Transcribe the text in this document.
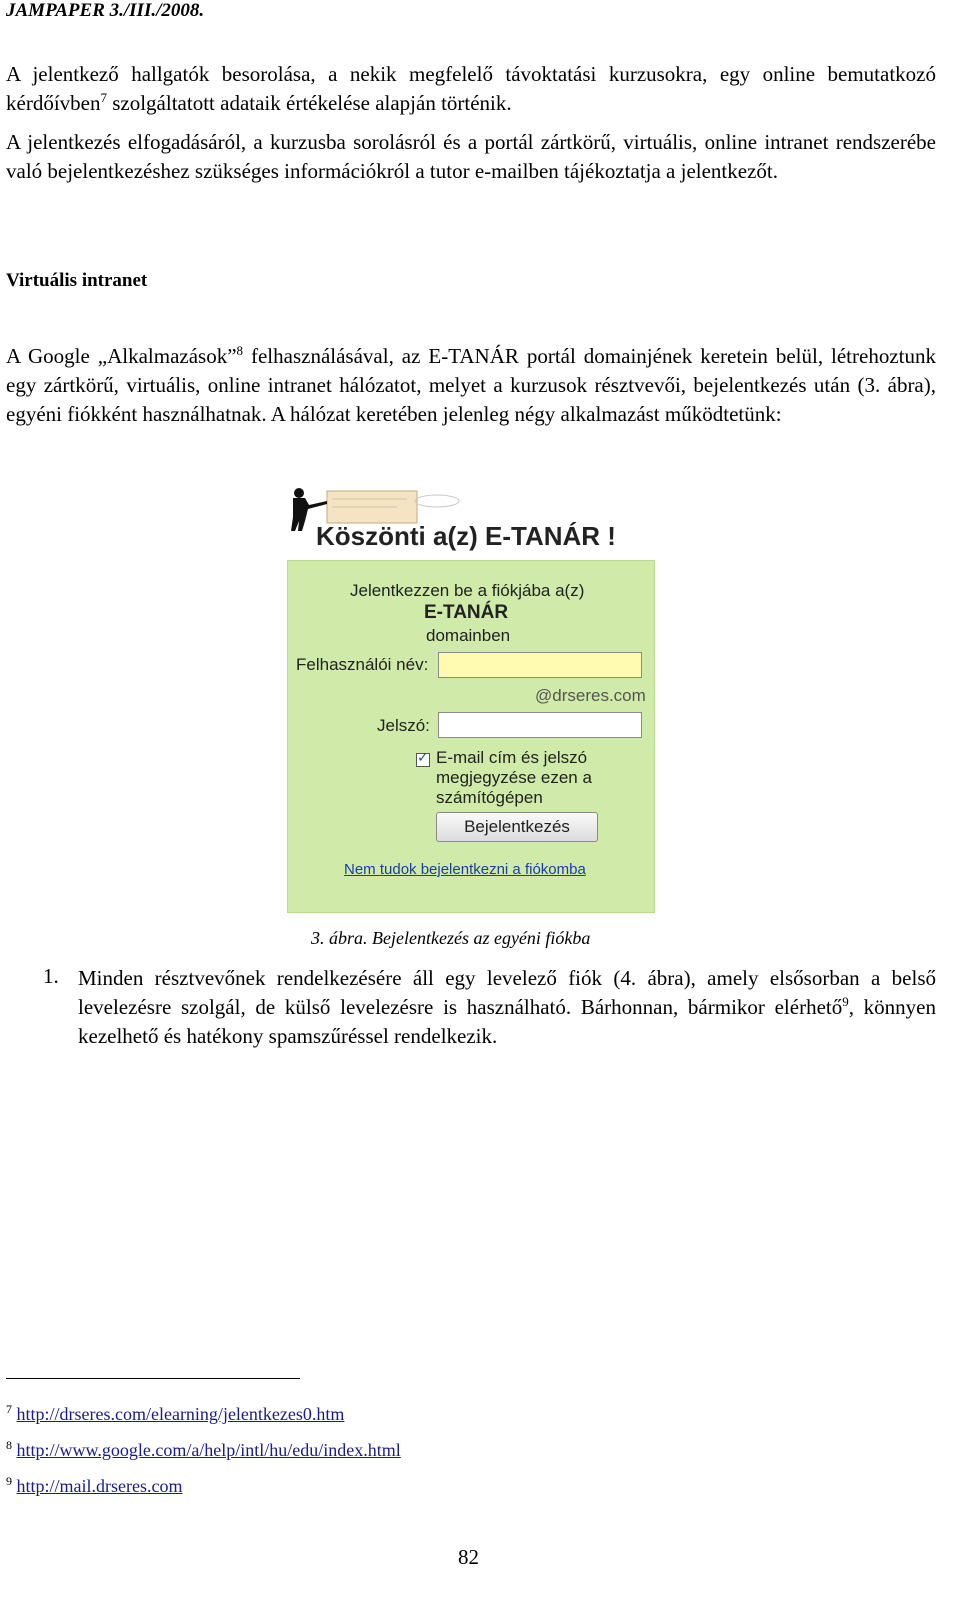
JAMPAPER 3./III./2008.
A jelentkező hallgatók besorolása, a nekik megfelelő távoktatási kurzusokra, egy online bemutatkozó kérdőívben$^7$ szolgáltatott adataik értékelése alapján történik.
A jelentkezés elfogadásáról, a kurzusba sorolásról és a portál zártkörű, virtuális, online intranet rendszerébe való bejelentkezéshez szükséges információkról a tutor e-mailben tájékoztatja a jelentkezőt.
Virtuális intranet
A Google „Alkalmazások”$^8$ felhasználásával, az E-TANÁR portál domainjének keretein belül, létrehoztunk egy zártkörű, virtuális, online intranet hálózatot, melyet a kurzusok résztvevői, bejelentkezés után (3. ábra), egyéni fiókként használhatnak. A hálózat keretében jelenleg négy alkalmazást működtetünk:
Köszönti a(z) E-TANÁR !
Jelentkezzen be a fiókjába a(z)
E-TANÁR
domainben
Felhasználói név:
@drseres.com
Jelszó:
✓
E-mail cím és jelszó
megjegyzése ezen a
számítógépen
Bejelentkezés
Nem tudok bejelentkezni a fiókomba
3. ábra. Bejelentkezés az egyéni fiókba
1. Minden résztvevőnek rendelkezésére áll egy levelező fiók (4. ábra), amely elsősorban a belső levelezésre szolgál, de külső levelezésre is használható. Bárhonnan, bármikor elérhető$^9$, könnyen kezelhető és hatékony spamszűréssel rendelkezik.
$^7$ http://drseres.com/elearning/jelentkezes0.htm
$^8$ http://www.google.com/a/help/intl/hu/edu/index.html
$^9$ http://mail.drseres.com
82
